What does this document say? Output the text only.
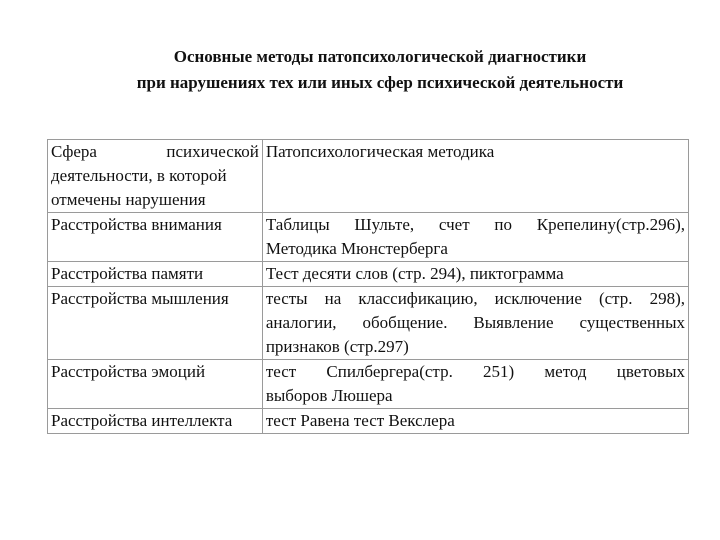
Основные методы патопсихологической диагностики
при нарушениях тех или иных сфер психической деятельности
Сфера психической
деятельности, в которой
отмечены нарушения	Патопсихологическая методика
Расстройства внимания	Таблицы Шульте, счет по Крепелину(стр.296),
Методика Мюнстерберга

Расстройства памяти	Тест десяти слов (стр. 294), пиктограмма

Расстройства мышления	тесты на классификацию, исключение (стр. 298),
аналогии, обобщение. Выявление существенных
признаков (стр.297)

Расстройства эмоций	тест Спилбергера(стр. 251) метод цветовых
выборов Люшера

Расстройства интеллекта	тест Равена тест Векслера
